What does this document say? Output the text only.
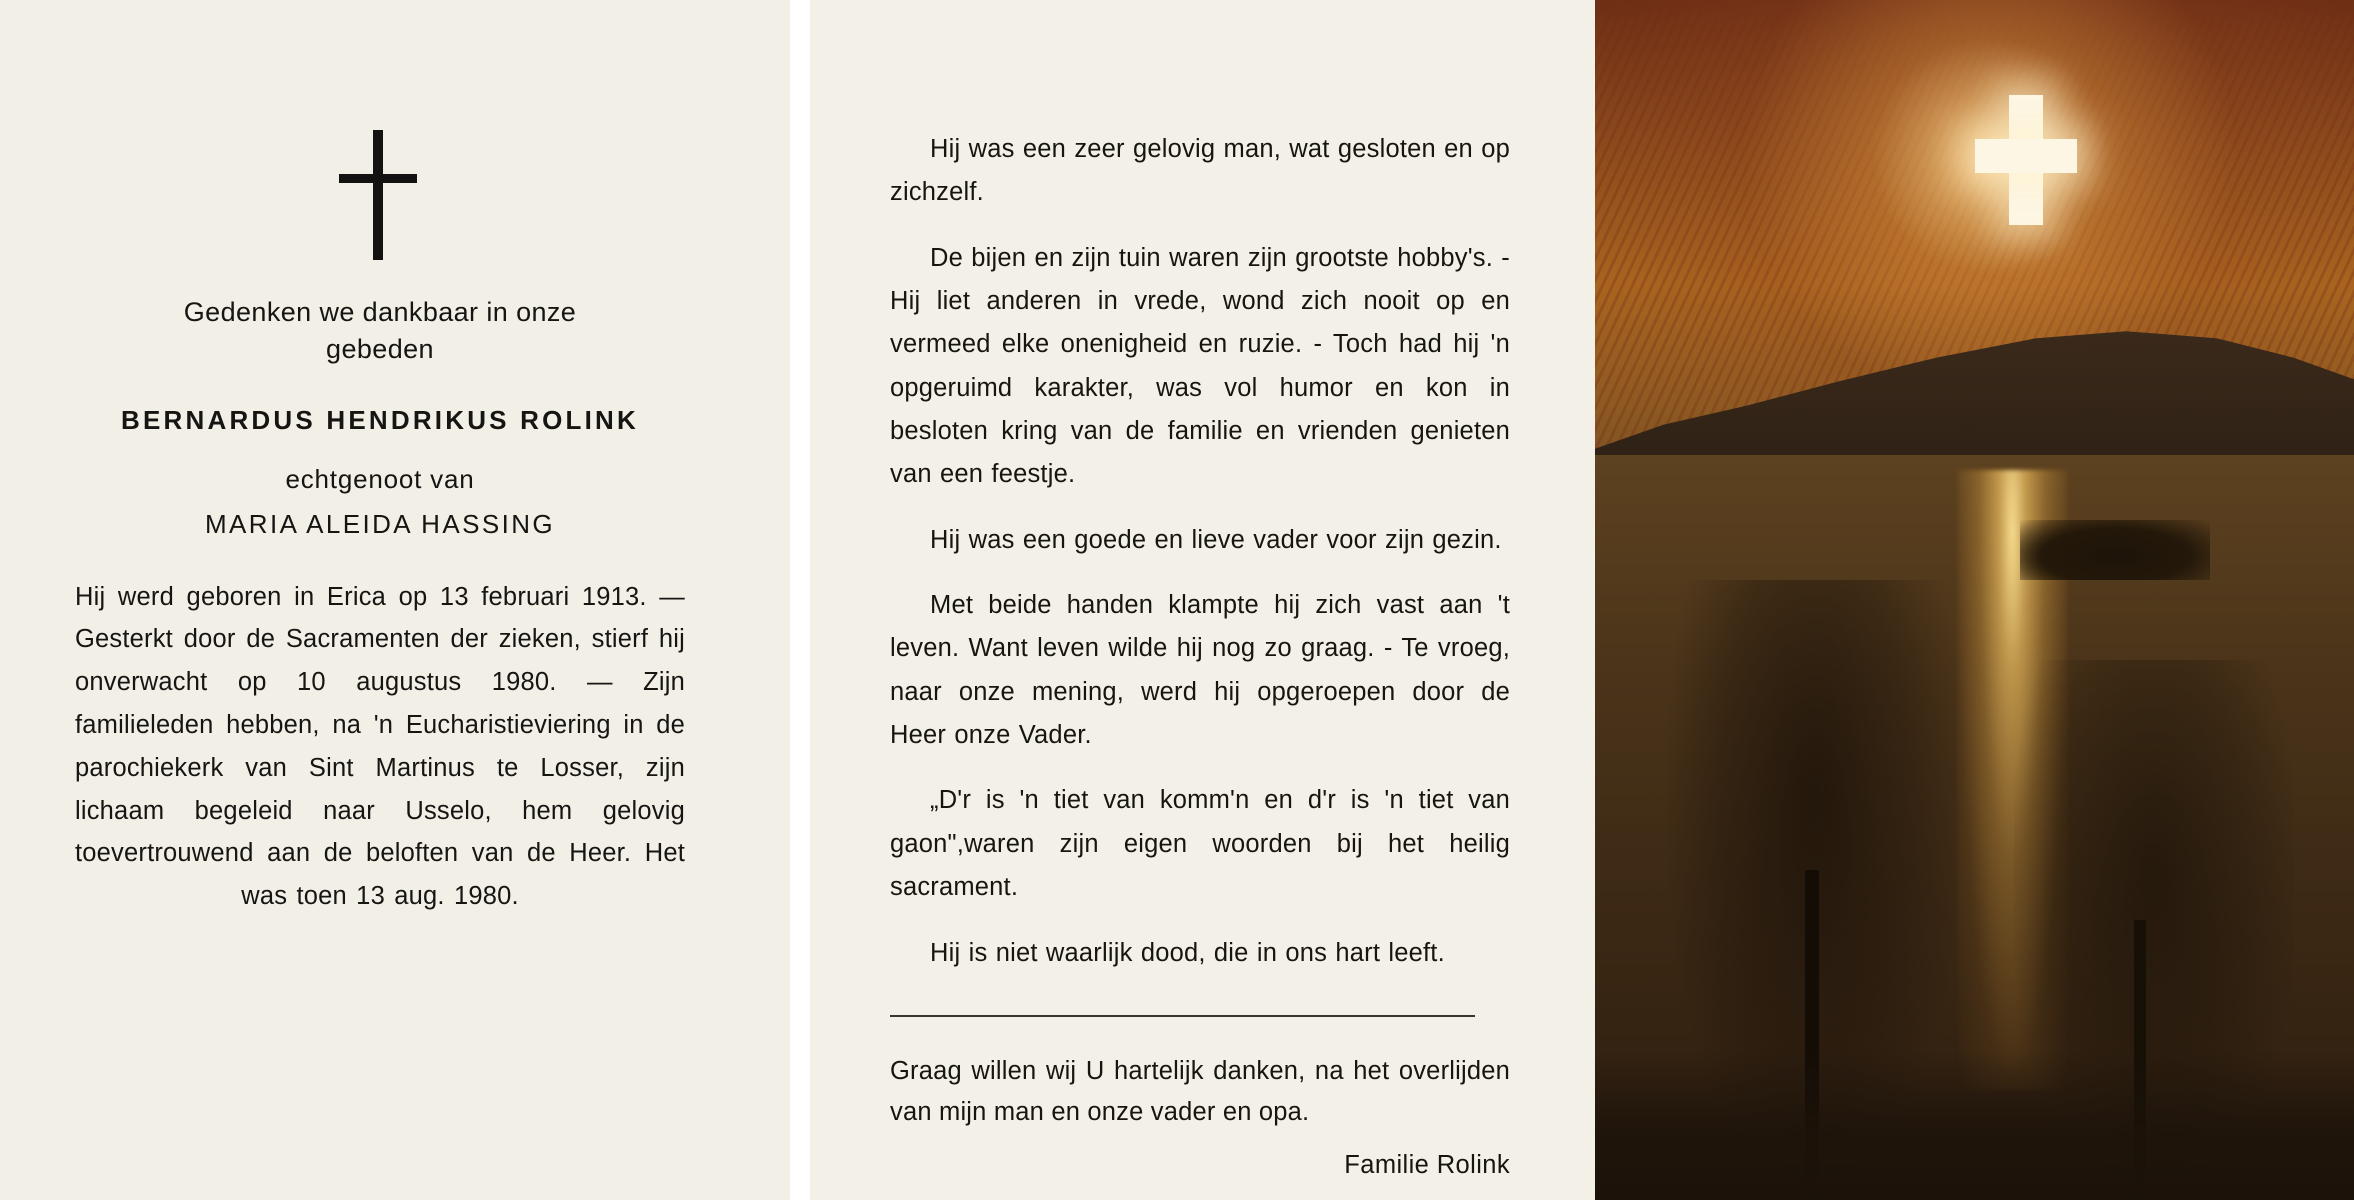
Gedenken we dankbaar in onze
gebeden
BERNARDUS HENDRIKUS ROLINK
echtgenoot van
MARIA ALEIDA HASSING
Hij werd geboren in Erica op 13 februari 1913. — Gesterkt door de Sacramenten der zieken, stierf hij onverwacht op 10 augustus 1980. — Zijn familieleden hebben, na 'n Eucharistieviering in de parochiekerk van Sint Martinus te Losser, zijn lichaam begeleid naar Usselo, hem gelovig toevertrouwend aan de beloften van de Heer. Het was toen 13 aug. 1980.

Hij was een zeer gelovig man, wat gesloten en op zichzelf.

De bijen en zijn tuin waren zijn grootste hobby's. - Hij liet anderen in vrede, wond zich nooit op en vermeed elke onenigheid en ruzie. - Toch had hij 'n opgeruimd karakter, was vol humor en kon in besloten kring van de familie en vrienden genieten van een feestje.

Hij was een goede en lieve vader voor zijn gezin.

Met beide handen klampte hij zich vast aan 't leven. Want leven wilde hij nog zo graag. - Te vroeg, naar onze mening, werd hij opgeroepen door de Heer onze Vader.

„D'r is 'n tiet van komm'n en d'r is 'n tiet van gaon",waren zijn eigen woorden bij het heilig sacrament.

Hij is niet waarlijk dood, die in ons hart leeft.

Graag willen wij U hartelijk danken, na het overlijden van mijn man en onze vader en opa.

Familie Rolink
